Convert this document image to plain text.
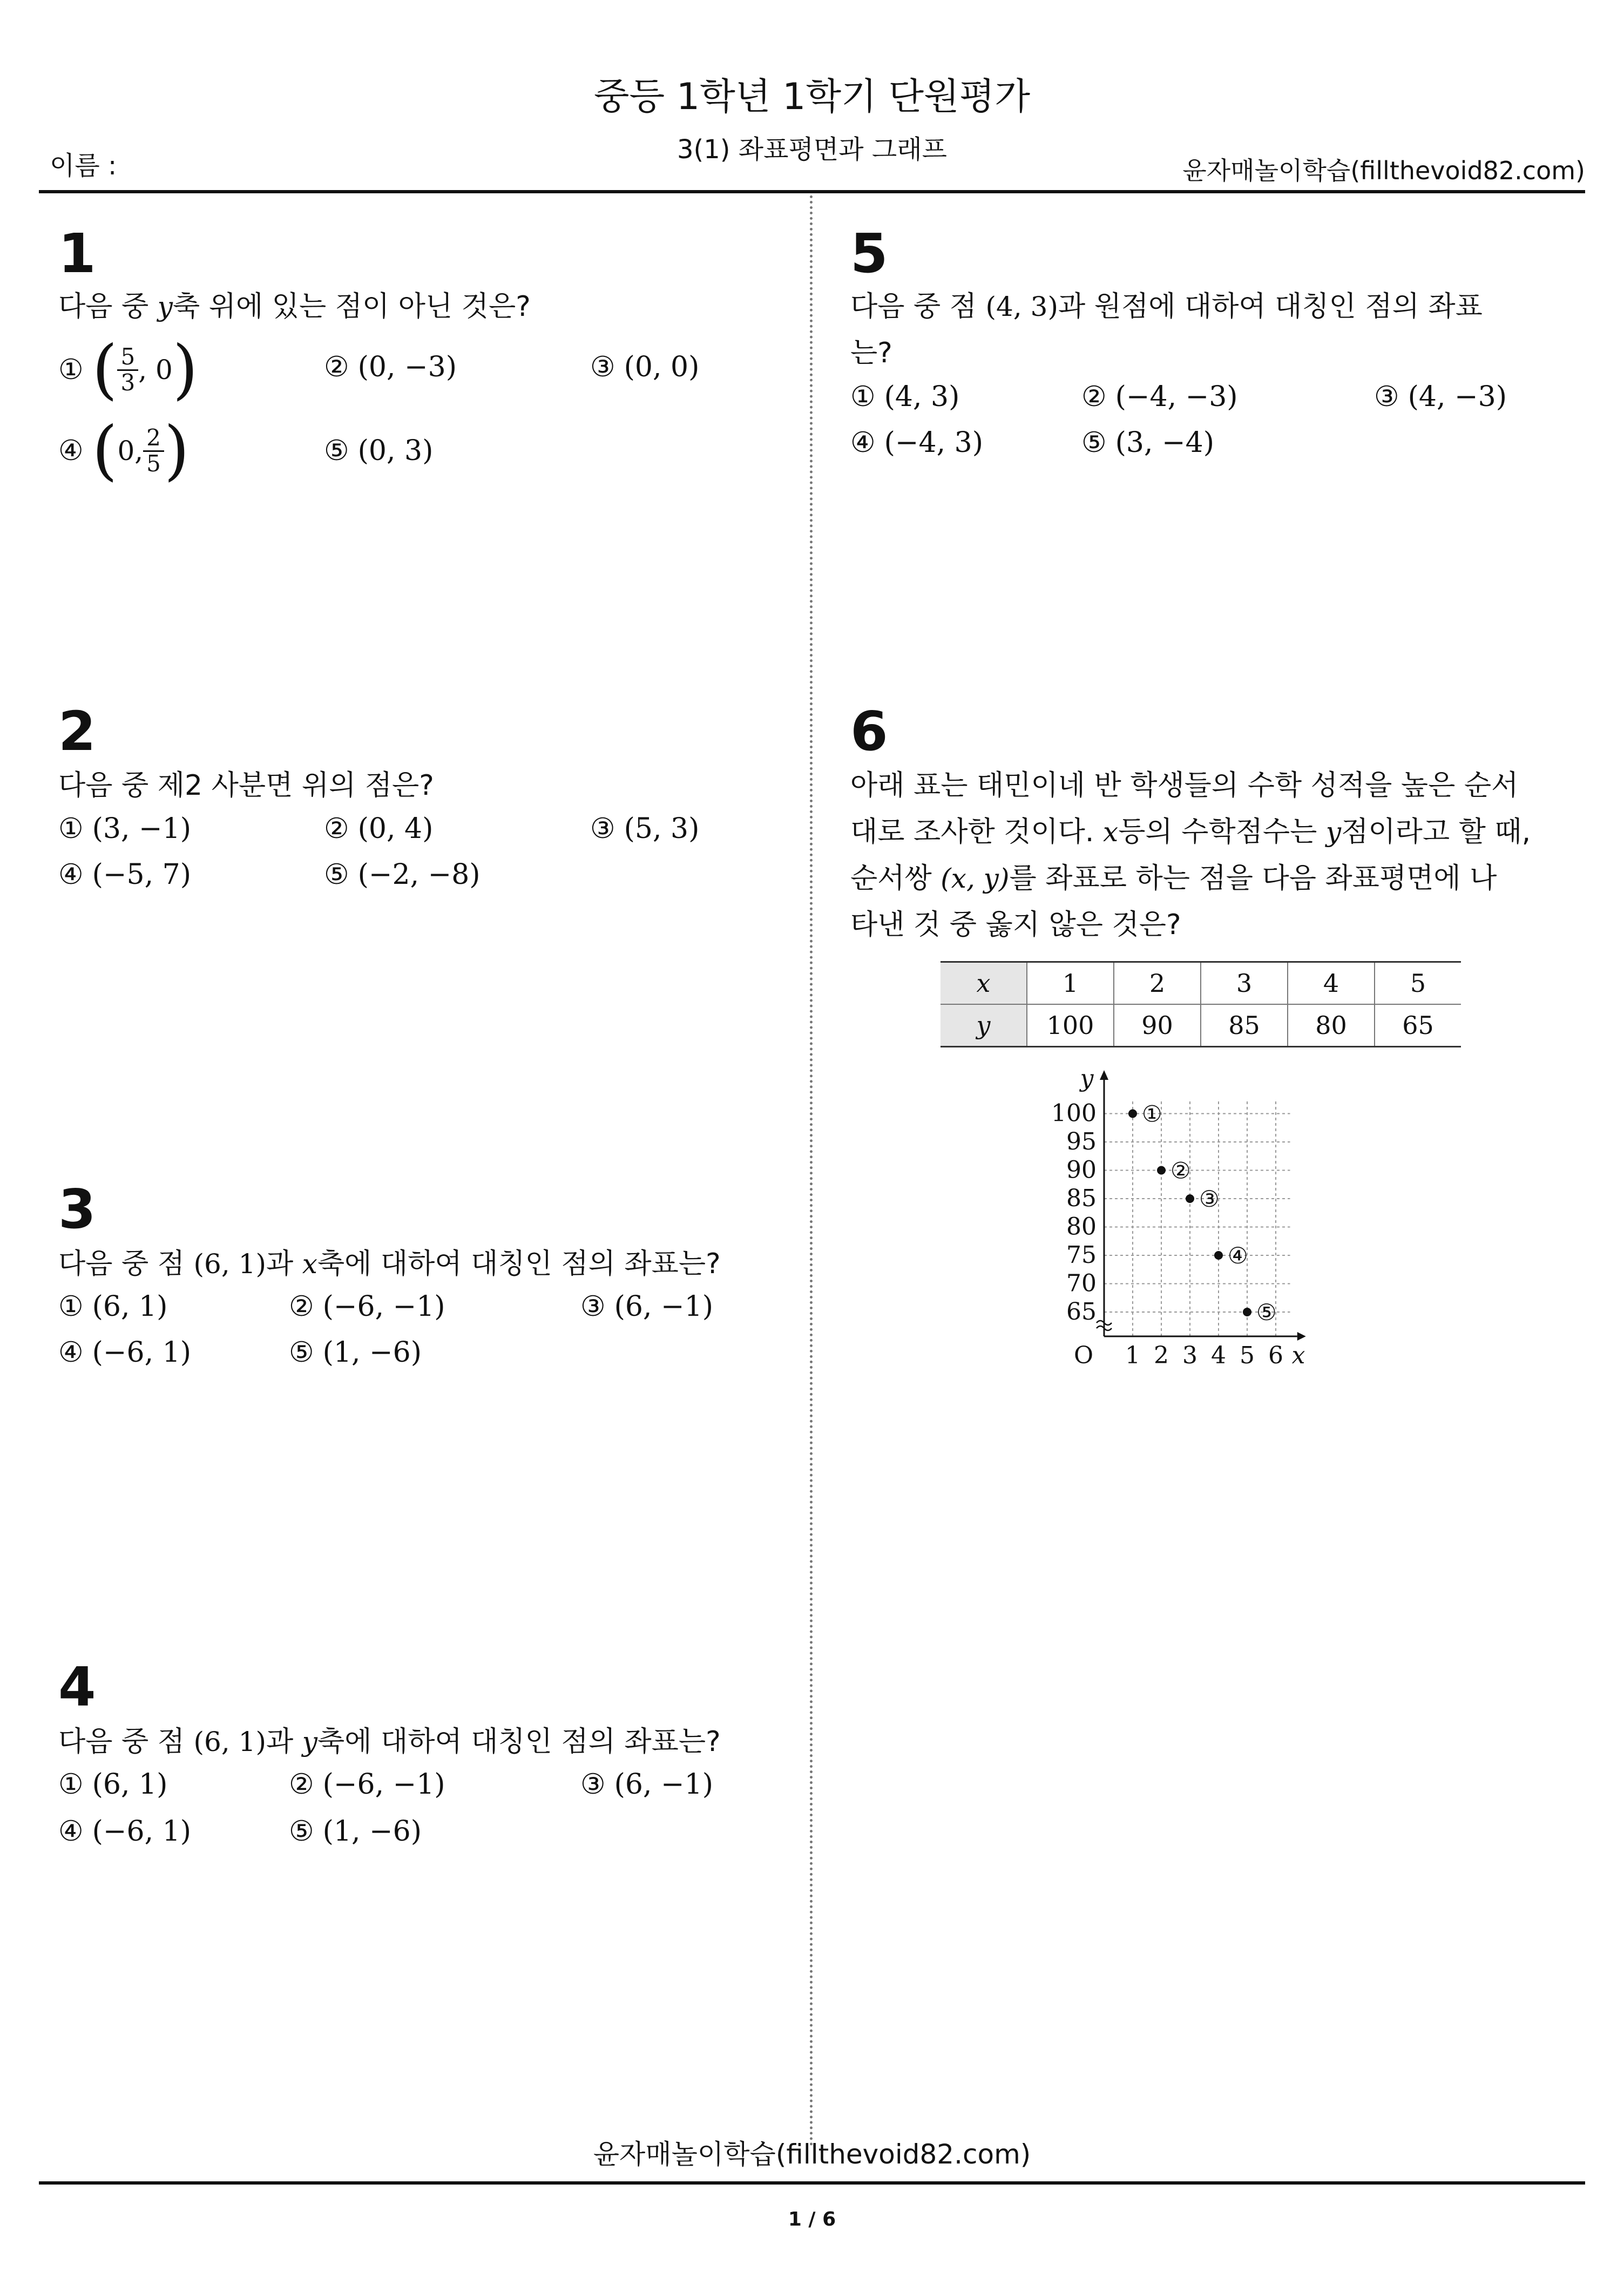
중등 1학년 1학기 단원평가
3(1) 좌표평면과 그래프
이름 :	윤자매놀이학습(fillthevoid82.com)
1
다음 중 y축 위에 있는 점이 아닌 것은?
① ( $\frac{5}{3}$ , 0 )	② (0, −3)	③ (0, 0)
④ ( 0, $\frac{2}{5}$ )	⑤ (0, 3)
2
다음 중 제2 사분면 위의 점은?
① (3, −1)	② (0, 4)	③ (5, 3)
④ (−5, 7)	⑤ (−2, −8)
3
다음 중 점 (6, 1)과 x축에 대하여 대칭인 점의 좌표는?
① (6, 1)	② (−6, −1)	③ (6, −1)
④ (−6, 1)	⑤ (1, −6)
4
다음 중 점 (6, 1)과 y축에 대하여 대칭인 점의 좌표는?
① (6, 1)	② (−6, −1)	③ (6, −1)
④ (−6, 1)	⑤ (1, −6)
5
다음 중 점 (4, 3)과 원점에 대하여 대칭인 점의 좌표
는?
① (4, 3)	② (−4, −3)	③ (4, −3)
④ (−4, 3)	⑤ (3, −4)
6
아래 표는 태민이네 반 학생들의 수학 성적을 높은 순서
대로 조사한 것이다. x등의 수학점수는 y점이라고 할 때,
순서쌍 (x, y)를 좌표로 하는 점을 다음 좌표평면에 나
타낸 것 중 옳지 않은 것은?
x	1	2	3	4	5
y	100	90	85	80	65
65
70
75
80
85
90
95
100
1 2 3 4 5 6
O	x
y
①
②
③
④
⑤
윤자매놀이학습(fillthevoid82.com)
1 / 6
